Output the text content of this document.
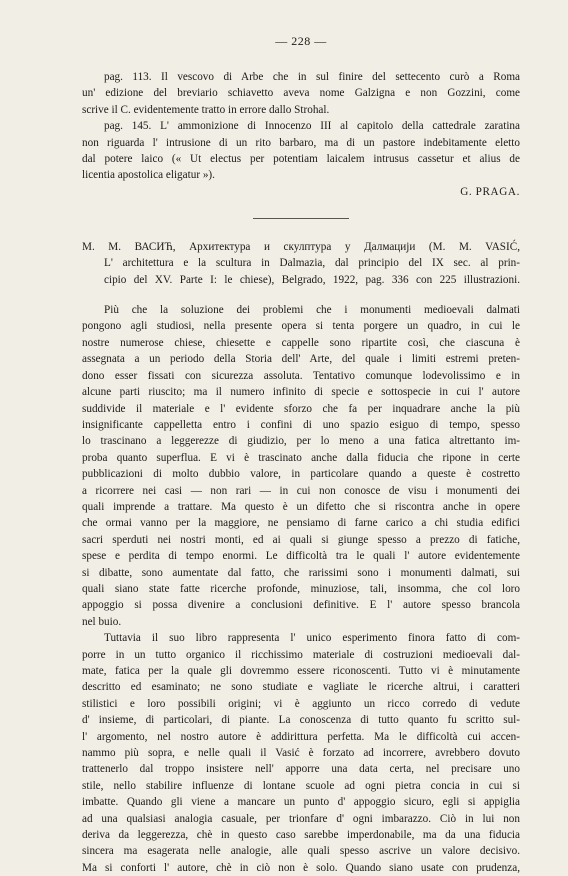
— 228 —
pag. 113. Il vescovo di Arbe che in sul finire del settecento curò a Roma
un' edizione del breviario schiavetto aveva nome Galzigna e non Gozzini, come
scrive il C. evidentemente tratto in errore dallo Strohal.
pag. 145. L' ammonizione di Innocenzo III al capitolo della cattedrale zaratina
non riguarda l' intrusione di un rito barbaro, ma di un pastore indebitamente eletto
dal potere laico (« Ut electus per potentiam laicalem intrusus cassetur et alius de
licentia apostolica eligatur »).
G. PRAGA.
M. M. ВАСИЋ, Архитектура и скулптура у Далмацији (M. M. VASIĆ,
L' architettura e la scultura in Dalmazia, dal principio del IX sec. al prin-
cipio del XV. Parte I: le chiese), Belgrado, 1922, pag. 336 con 225 illustrazioni.
Più che la soluzione dei problemi che i monumenti medioevali dalmati
pongono agli studiosi, nella presente opera si tenta porgere un quadro, in cui le
nostre numerose chiese, chiesette e cappelle sono ripartite così, che ciascuna è
assegnata a un periodo della Storia dell' Arte, del quale i limiti estremi preten-
dono esser fissati con sicurezza assoluta. Tentativo comunque lodevolissimo e in
alcune parti riuscito; ma il numero infinito di specie e sottospecie in cui l' autore
suddivide il materiale e l' evidente sforzo che fa per inquadrare anche la più
insignificante cappelletta entro i confini di uno spazio esiguo di tempo, spesso
lo trascinano a leggerezze di giudizio, per lo meno a una fatica altrettanto im-
proba quanto superflua. E vi è trascinato anche dalla fiducia che ripone in certe
pubblicazioni di molto dubbio valore, in particolare quando a queste è costretto
a ricorrere nei casi — non rari — in cui non conosce de visu i monumenti dei
quali imprende a trattare. Ma questo è un difetto che si riscontra anche in opere
che ormai vanno per la maggiore, ne pensiamo di farne carico a chi studia edifici
sacri sperduti nei nostri monti, ed ai quali si giunge spesso a prezzo di fatiche,
spese e perdita di tempo enormi. Le difficoltà tra le quali l' autore evidentemente
si dibatte, sono aumentate dal fatto, che rarissimi sono i monumenti dalmati, sui
quali siano state fatte ricerche profonde, minuziose, tali, insomma, che col loro
appoggio si possa divenire a conclusioni definitive. E l' autore spesso brancola
nel buio.
Tuttavia il suo libro rappresenta l' unico esperimento finora fatto di com-
porre in un tutto organico il ricchissimo materiale di costruzioni medioevali dal-
mate, fatica per la quale gli dovremmo essere riconoscenti. Tutto vi è minutamente
descritto ed esaminato; ne sono studiate e vagliate le ricerche altrui, i caratteri
stilistici e loro possibili origini; vi è aggiunto un ricco corredo di vedute
d' insieme, di particolari, di piante. La conoscenza di tutto quanto fu scritto sul-
l' argomento, nel nostro autore è addirittura perfetta. Ma le difficoltà cui accen-
nammo più sopra, e nelle quali il Vasić è forzato ad incorrere, avrebbero dovuto
trattenerlo dal troppo insistere nell' apporre una data certa, nel precisare uno
stile, nello stabilire influenze di lontane scuole ad ogni pietra concia in cui si
imbatte. Quando gli viene a mancare un punto d' appoggio sicuro, egli si appiglia
ad una qualsiasi analogia casuale, per trionfare d' ogni imbarazzo. Ciò in lui non
deriva da leggerezza, chè in questo caso sarebbe imperdonabile, ma da una fiducia
sincera ma esagerata nelle analogie, alle quali spesso ascrive un valore decisivo.
Ma si conforti l' autore, chè in ciò non è solo. Quando siano usate con prudenza,
